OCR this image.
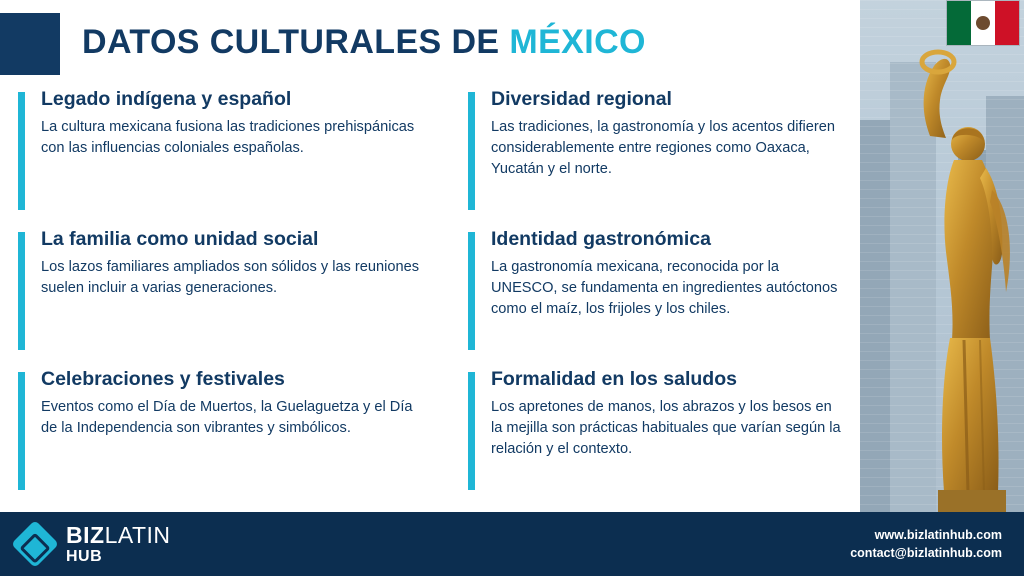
DATOS CULTURALES DE MÉXICO
Legado indígena y español
La cultura mexicana fusiona las tradiciones prehispánicas con las influencias coloniales españolas.
Diversidad regional
Las tradiciones, la gastronomía y los acentos difieren considerablemente entre regiones como Oaxaca, Yucatán y el norte.
La familia como unidad social
Los lazos familiares ampliados son sólidos y las reuniones suelen incluir a varias generaciones.
Identidad gastronómica
La gastronomía mexicana, reconocida por la UNESCO, se fundamenta en ingredientes autóctonos como el maíz, los frijoles y los chiles.
Celebraciones y festivales
Eventos como el Día de Muertos, la Guelaguetza y el Día de la Independencia son vibrantes y simbólicos.
Formalidad en los saludos
Los apretones de manos, los abrazos y los besos en la mejilla son prácticas habituales que varían según la relación y el contexto.
BIZLATIN
HUB
www.bizlatinhub.com
contact@bizlatinhub.com
